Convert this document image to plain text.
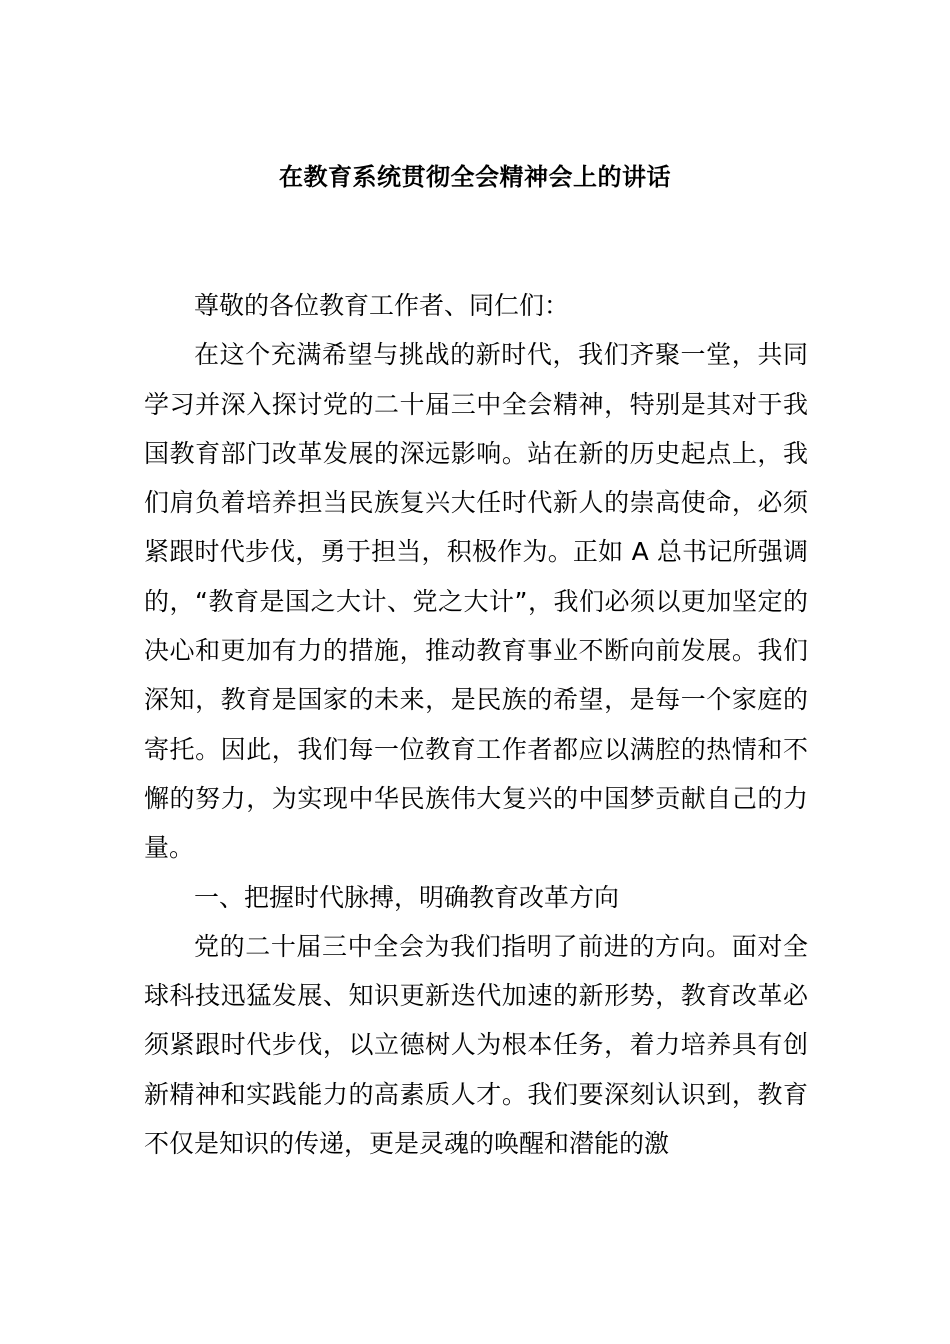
在教育系统贯彻全会精神会上的讲话

尊敬的各位教育工作者、同仁们：

在这个充满希望与挑战的新时代，我们齐聚一堂，共同学习并深入探讨党的二十届三中全会精神，特别是其对于我国教育部门改革发展的深远影响。站在新的历史起点上，我们肩负着培养担当民族复兴大任时代新人的崇高使命，必须紧跟时代步伐，勇于担当，积极作为。正如 A 总书记所强调的，“教育是国之大计、党之大计”，我们必须以更加坚定的决心和更加有力的措施，推动教育事业不断向前发展。我们深知，教育是国家的未来，是民族的希望，是每一个家庭的寄托。因此，我们每一位教育工作者都应以满腔的热情和不懈的努力，为实现中华民族伟大复兴的中国梦贡献自己的力量。

一、把握时代脉搏，明确教育改革方向

党的二十届三中全会为我们指明了前进的方向。面对全球科技迅猛发展、知识更新迭代加速的新形势，教育改革必须紧跟时代步伐，以立德树人为根本任务，着力培养具有创新精神和实践能力的高素质人才。我们要深刻认识到，教育不仅是知识的传递，更是灵魂的唤醒和潜能的激
